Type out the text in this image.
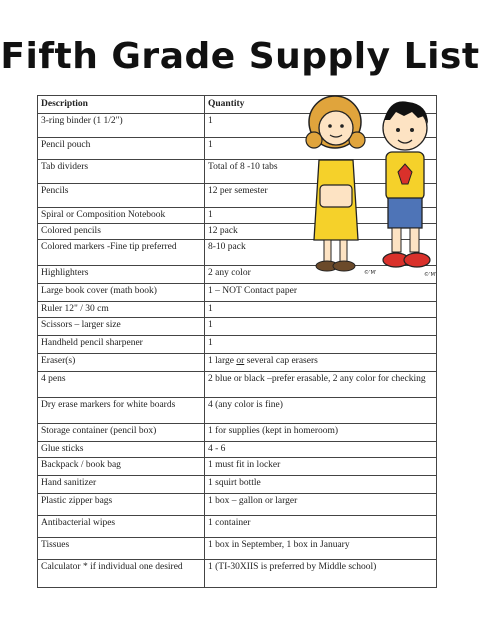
Fifth Grade Supply List
Description	Quantity
3-ring binder (1 1/2")	1
Pencil pouch	1
Tab dividers	Total of 8 -10 tabs
Pencils	12 per semester
Spiral or Composition Notebook	1
Colored pencils	12 pack
Colored markers -Fine tip preferred	8-10 pack
Highlighters	2 any color
Large book cover (math book)	1 – NOT Contact paper
Ruler 12" / 30 cm	1
Scissors – larger size	1
Handheld pencil sharpener	1
Eraser(s)	1 large or several cap erasers
4 pens	2 blue or black –prefer erasable, 2 any color for checking
Dry erase markers for white boards	4 (any color is fine)
Storage container (pencil box)	1 for supplies (kept in homeroom)
Glue sticks	4 - 6
Backpack / book bag	1 must fit in locker
Hand sanitizer	1 squirt bottle
Plastic zipper bags	1 box – gallon or larger
Antibacterial wipes	1 container
Tissues	1 box in September, 1 box in January
Calculator * if individual one desired	1 (TI-30XIIS is preferred by Middle school)
©’M’	©’M’
